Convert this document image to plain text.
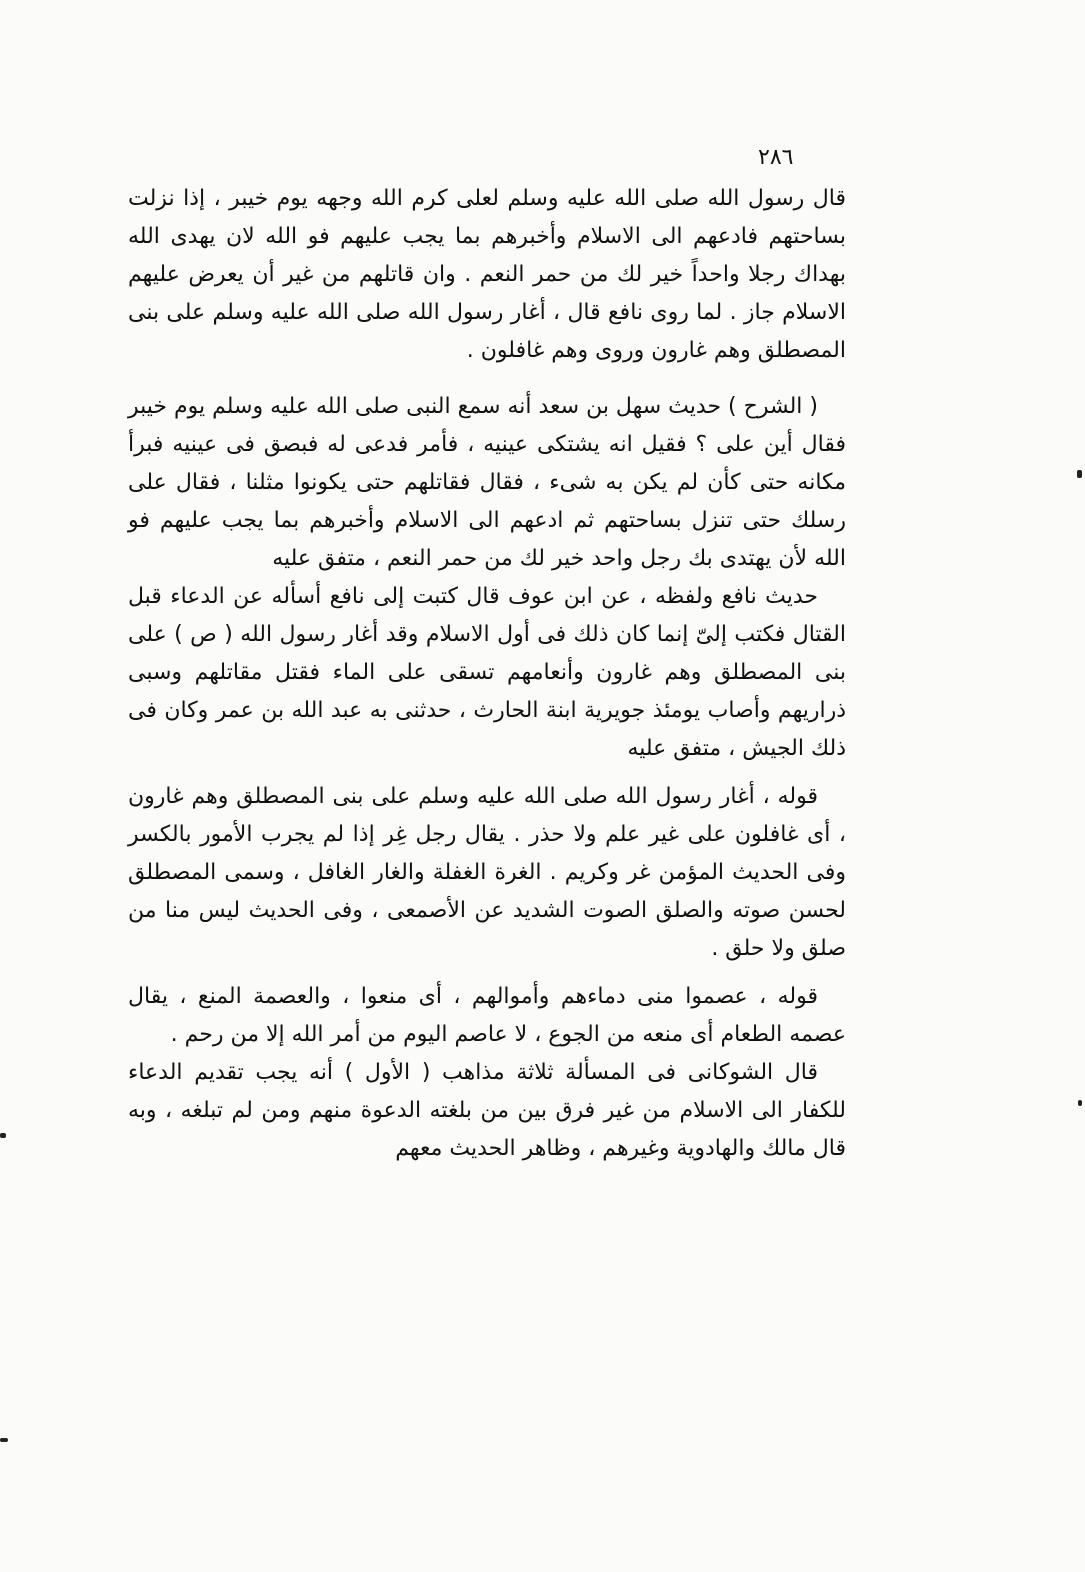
٢٨٦

قال رسول الله صلى الله عليه وسلم لعلى كرم الله وجهه يوم خيبر ، إذا نزلت بساحتهم فادعهم الى الاسلام وأخبرهم بما يجب عليهم فو الله لان يهدى الله بهداك رجلا واحداً خير لك من حمر النعم . وان قاتلهم من غير أن يعرض عليهم الاسلام جاز . لما روى نافع قال ، أغار رسول الله صلى الله عليه وسلم على بنى المصطلق وهم غارون وروى وهم غافلون .

( الشرح ) حديث سهل بن سعد أنه سمع النبى صلى الله عليه وسلم يوم خيبر فقال أين على ؟ فقيل انه يشتكى عينيه ، فأمر فدعى له فبصق فى عينيه فبرأ مكانه حتى كأن لم يكن به شىء ، فقال فقاتلهم حتى يكونوا مثلنا ، فقال على رسلك حتى تنزل بساحتهم ثم ادعهم الى الاسلام وأخبرهم بما يجب عليهم فو الله لأن يهتدى بك رجل واحد خير لك من حمر النعم ، متفق عليه

حديث نافع ولفظه ، عن ابن عوف قال كتبت إلى نافع أسأله عن الدعاء قبل القتال فكتب إلىّ إنما كان ذلك فى أول الاسلام وقد أغار رسول الله ( ص ) على بنى المصطلق وهم غارون وأنعامهم تسقى على الماء فقتل مقاتلهم وسبى ذراريهم وأصاب يومئذ جويرية ابنة الحارث ، حدثنى به عبد الله بن عمر وكان فى ذلك الجيش ، متفق عليه

قوله ، أغار رسول الله صلى الله عليه وسلم على بنى المصطلق وهم غارون ، أى غافلون على غير علم ولا حذر . يقال رجل غِر إذا لم يجرب الأمور بالكسر وفى الحديث المؤمن غر وكريم . الغرة الغفلة والغار الغافل ، وسمى المصطلق لحسن صوته والصلق الصوت الشديد عن الأصمعى ، وفى الحديث ليس منا من صلق ولا حلق .

قوله ، عصموا منى دماءهم وأموالهم ، أى منعوا ، والعصمة المنع ، يقال عصمه الطعام أى منعه من الجوع ، لا عاصم اليوم من أمر الله إلا من رحم .

قال الشوكانى فى المسألة ثلاثة مذاهب ( الأول ) أنه يجب تقديم الدعاء للكفار الى الاسلام من غير فرق بين من بلغته الدعوة منهم ومن لم تبلغه ، وبه قال مالك والهادوية وغيرهم ، وظاهر الحديث معهم
